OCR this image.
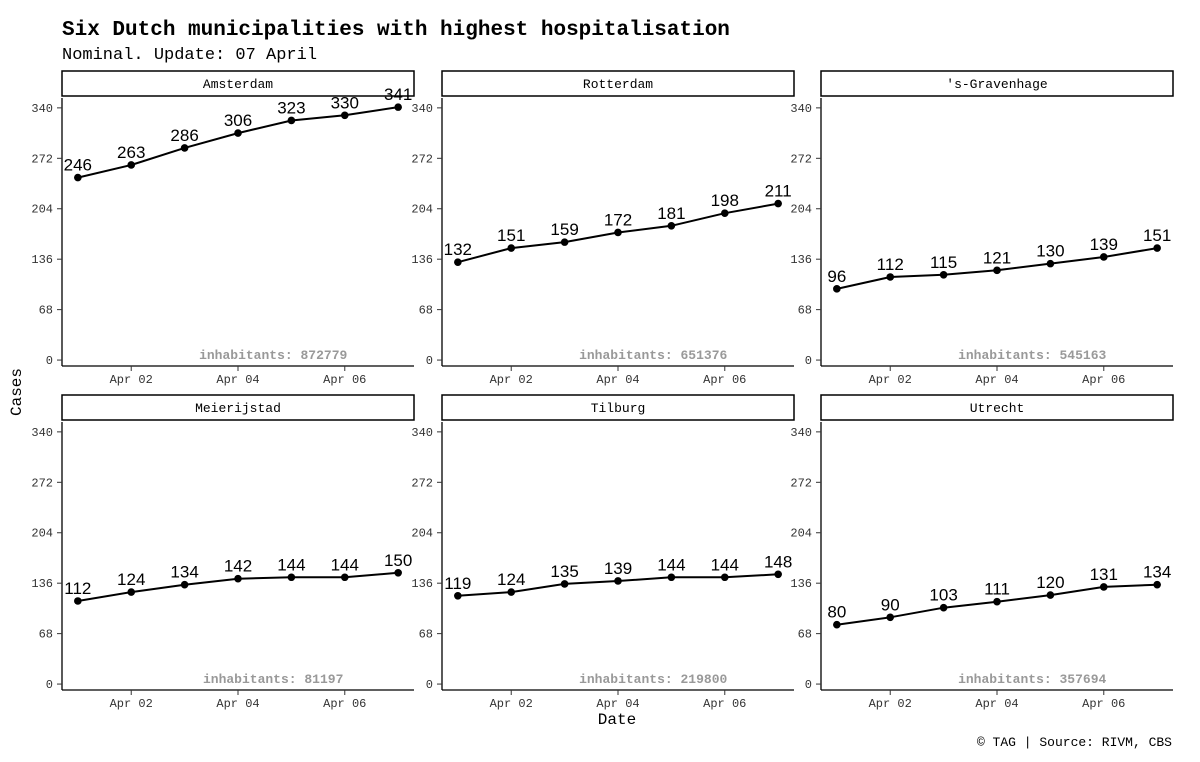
Six Dutch municipalities with highest hospitalisation
Nominal. Update: 07 April
Cases
Date
© TAG | Source: RIVM, CBS
Amsterdam
0
68
136
204
272
340
Apr 02	Apr 04	Apr 06
246
263
286
306
323 330 341
inhabitants: 872779
Rotterdam
0
68
136
204
272
340
Apr 02	Apr 04	Apr 06
132
151 159
172 181
198
211
inhabitants: 651376
's-Gravenhage
0
68
136
204
272
340
Apr 02	Apr 04	Apr 06
96
112 115 121 130 139 151
inhabitants: 545163
Meierijstad
0
68
136
204
272
340
Apr 02	Apr 04	Apr 06
112 124 134 142 144 144 150
inhabitants: 81197
Tilburg
0
68
136
204
272
340
Apr 02	Apr 04	Apr 06
119 124 135 139 144 144 148
inhabitants: 219800
Utrecht
0
68
136
204
272
340
Apr 02	Apr 04	Apr 06
80 90
103 111 120 131 134
inhabitants: 357694
